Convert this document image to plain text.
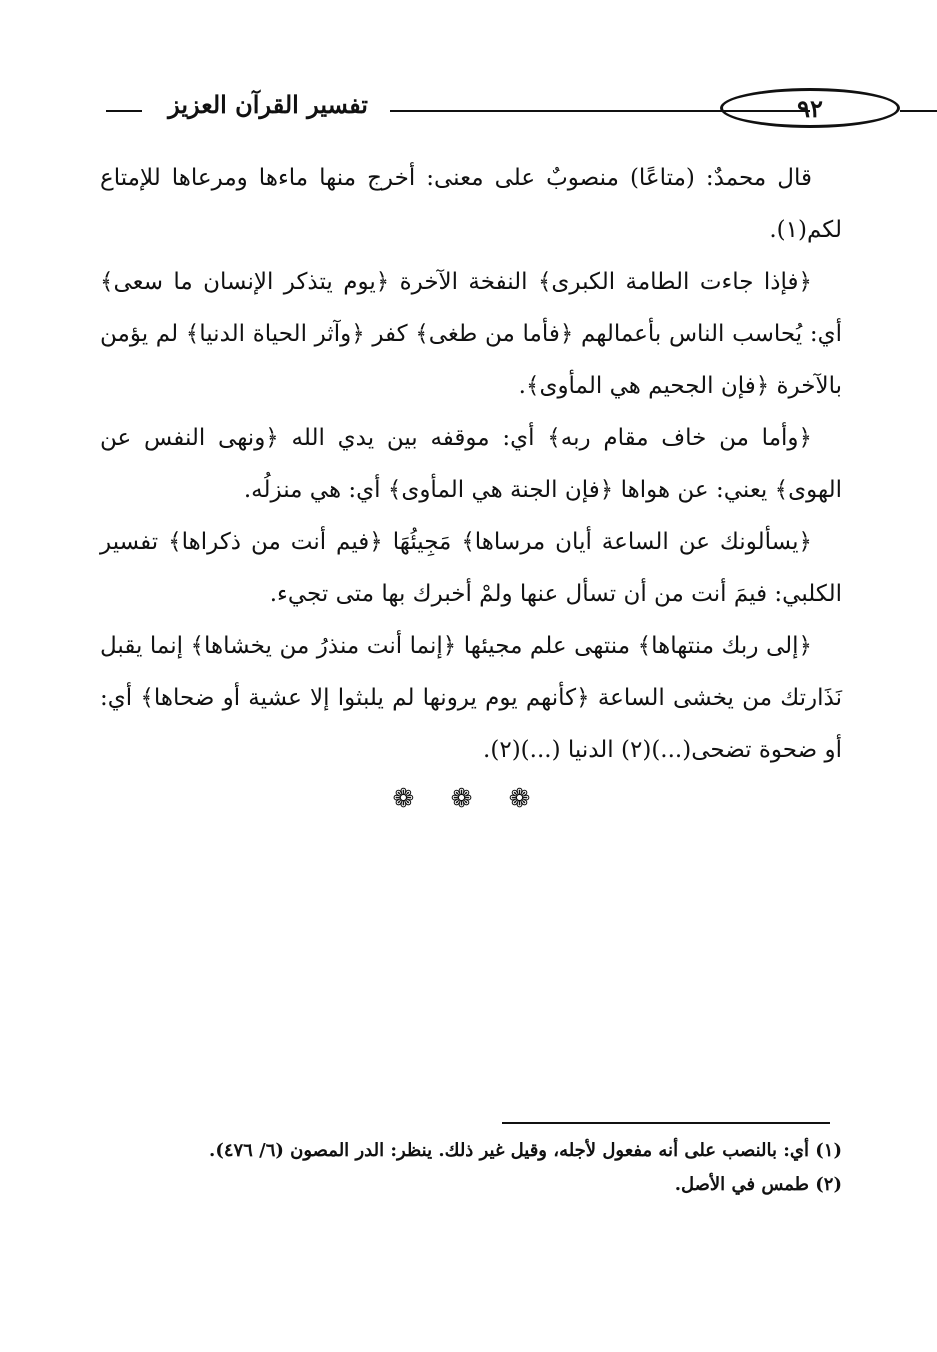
تفسير القرآن العزيز	٩٢

قال محمدٌ: (متاعًا) منصوبٌ على معنى: أخرج منها ماءها ومرعاها للإمتاع لكم(١).

﴿فإذا جاءت الطامة الكبرى﴾ النفخة الآخرة ﴿يوم يتذكر الإنسان ما سعى﴾ أي: يُحاسب الناس بأعمالهم ﴿فأما من طغى﴾ كفر ﴿وآثر الحياة الدنيا﴾ لم يؤمن بالآخرة ﴿فإن الجحيم هي المأوى﴾.

﴿وأما من خاف مقام ربه﴾ أي: موقفه بين يدي الله ﴿ونهى النفس عن الهوى﴾ يعني: عن هواها ﴿فإن الجنة هي المأوى﴾ أي: هي منزلُه.

﴿يسألونك عن الساعة أيان مرساها﴾ مَجِيئُهَا ﴿فيم أنت من ذكراها﴾ تفسير الكلبي: فيمَ أنت من أن تسأل عنها ولمْ أخبرك بها متى تجيء.

﴿إلى ربك منتهاها﴾ منتهى علم مجيئها ﴿إنما أنت منذرُ من يخشاها﴾ إنما يقبل نَذَارتك من يخشى الساعة ﴿كأنهم يوم يرونها لم يلبثوا إلا عشية أو ضحاها﴾ أي: أو ضحوة تضحى(...)(٢) الدنيا (...)(٢).

❁ ❁ ❁

(١) أي: بالنصب على أنه مفعول لأجله، وقيل غير ذلك. ينظر: الدر المصون (٦/ ٤٧٦).

(٢) طمس في الأصل.
